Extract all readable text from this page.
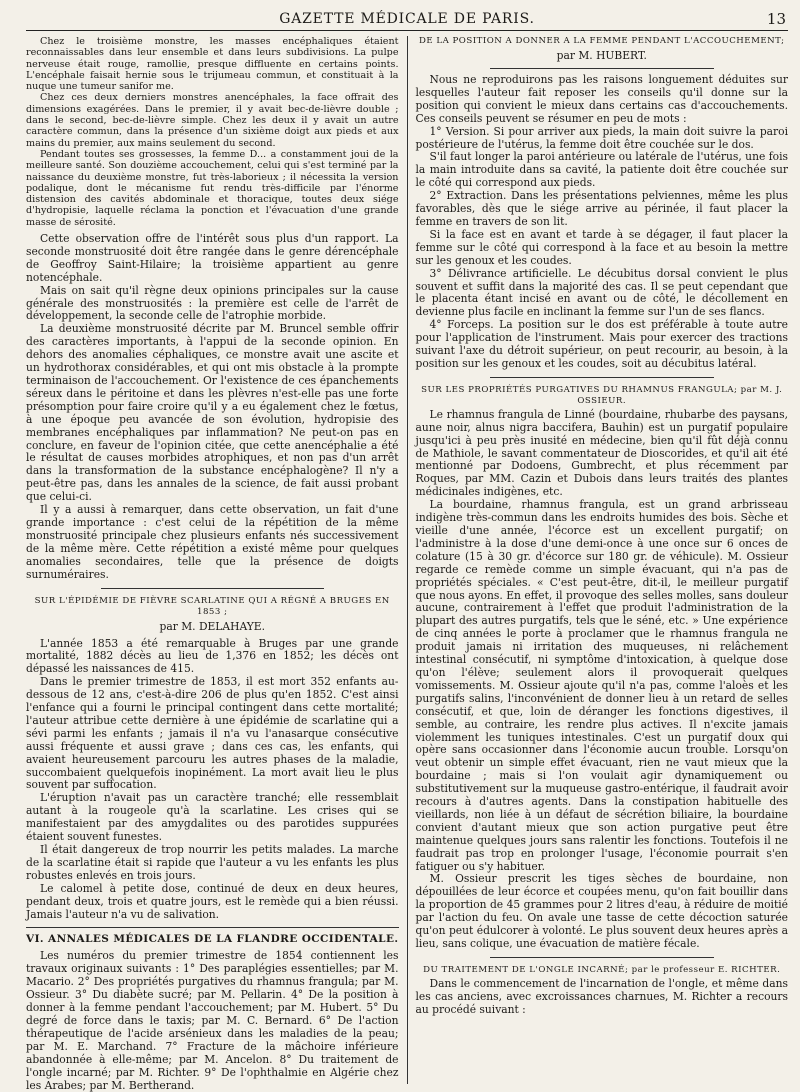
GAZETTE MÉDICALE DE PARIS.	13

Chez le troisième monstre, les masses encéphaliques étaient reconnaissables dans leur ensemble et dans leurs subdivisions. La pulpe nerveuse était rouge, ramollie, presque diffluente en certains points. L'encéphale faisait hernie sous le trijumeau commun, et constituait à la nuque une tumeur sanifor me.

Chez ces deux derniers monstres anencéphales, la face offrait des dimensions exagérées. Dans le premier, il y avait bec-de-lièvre double ; dans le second, bec-de-lièvre simple. Chez les deux il y avait un autre caractère commun, dans la présence d'un sixième doigt aux pieds et aux mains du premier, aux mains seulement du second.

Pendant toutes ses grossesses, la femme D... a constamment joui de la meilleure santé. Son douzième accouchement, celui qui s'est terminé par la naissance du deuxième monstre, fut très-laborieux ; il nécessita la version podalique, dont le mécanisme fut rendu très-difficile par l'énorme distension des cavités abdominale et thoracique, toutes deux siége d'hydropisie, laquelle réclama la ponction et l'évacuation d'une grande masse de sérosité.

Cette observation offre de l'intérêt sous plus d'un rapport. La seconde monstruosité doit être rangée dans le genre dérencéphale de Geoffroy Saint-Hilaire; la troisième appartient au genre notencéphale.

Mais on sait qu'il règne deux opinions principales sur la cause générale des monstruosités : la première est celle de l'arrêt de développement, la seconde celle de l'atrophie morbide.

La deuxième monstruosité décrite par M. Bruncel semble offrir des caractères importants, à l'appui de la seconde opinion. En dehors des anomalies céphaliques, ce monstre avait une ascite et un hydrothorax considérables, et qui ont mis obstacle à la prompte terminaison de l'accouchement. Or l'existence de ces épanchements séreux dans le péritoine et dans les plèvres n'est-elle pas une forte présomption pour faire croire qu'il y a eu également chez le fœtus, à une époque peu avancée de son évolution, hydropisie des membranes encéphaliques par inflammation? Ne peut-on pas en conclure, en faveur de l'opinion citée, que cette anencéphalie a été le résultat de causes morbides atrophiques, et non pas d'un arrêt dans la transformation de la substance encéphalogène? Il n'y a peut-être pas, dans les annales de la science, de fait aussi probant que celui-ci.

Il y a aussi à remarquer, dans cette observation, un fait d'une grande importance : c'est celui de la répétition de la même monstruosité principale chez plusieurs enfants nés successivement de la même mère. Cette répétition a existé même pour quelques anomalies secondaires, telle que la présence de doigts surnuméraires.

SUR L'ÉPIDÉMIE DE FIÈVRE SCARLATINE QUI A RÉGNÉ A BRUGES EN 1853 ;
par M. DELAHAYE.

L'année 1853 a été remarquable à Bruges par une grande mortalité, 1882 décès au lieu de 1,376 en 1852; les décès ont dépassé les naissances de 415.

Dans le premier trimestre de 1853, il est mort 352 enfants au-dessous de 12 ans, c'est-à-dire 206 de plus qu'en 1852. C'est ainsi l'enfance qui a fourni le principal contingent dans cette mortalité; l'auteur attribue cette dernière à une épidémie de scarlatine qui a sévi parmi les enfants ; jamais il n'a vu l'anasarque consécutive aussi fréquente et aussi grave ; dans ces cas, les enfants, qui avaient heureusement parcouru les autres phases de la maladie, succombaient quelquefois inopinément. La mort avait lieu le plus souvent par suffocation.

L'éruption n'avait pas un caractère tranché; elle ressemblait autant à la rougeole qu'à la scarlatine. Les crises qui se manifestaient par des amygdalites ou des parotides suppurées étaient souvent funestes.

Il était dangereux de trop nourrir les petits malades. La marche de la scarlatine était si rapide que l'auteur a vu les enfants les plus robustes enlevés en trois jours.

Le calomel à petite dose, continué de deux en deux heures, pendant deux, trois et quatre jours, est le remède qui a bien réussi. Jamais l'auteur n'a vu de salivation.

VI. ANNALES MÉDICALES DE LA FLANDRE OCCIDENTALE.

Les numéros du premier trimestre de 1854 contiennent les travaux originaux suivants : 1° Des paraplégies essentielles; par M. Macario. 2° Des propriétés purgatives du rhamnus frangula; par M. Ossieur. 3° Du diabète sucré; par M. Pellarin. 4° De la position à donner à la femme pendant l'accouchement; par M. Hubert. 5° Du degré de force dans le taxis; par M. C. Bernard. 6° De l'action thérapeutique de l'acide arsénieux dans les maladies de la peau; par M. E. Marchand. 7° Fracture de la mâchoire inférieure abandonnée à elle-même; par M. Ancelon. 8° Du traitement de l'ongle incarné; par M. Richter. 9° De l'ophthalmie en Algérie chez les Arabes; par M. Bertherand.

DE LA POSITION A DONNER A LA FEMME PENDANT L'ACCOUCHEMENT;
par M. HUBERT.

Nous ne reproduirons pas les raisons longuement déduites sur lesquelles l'auteur fait reposer les conseils qu'il donne sur la position qui convient le mieux dans certains cas d'accouchements. Ces conseils peuvent se résumer en peu de mots :

1° Version. Si pour arriver aux pieds, la main doit suivre la paroi postérieure de l'utérus, la femme doit être couchée sur le dos.

S'il faut longer la paroi antérieure ou latérale de l'utérus, une fois la main introduite dans sa cavité, la patiente doit être couchée sur le côté qui correspond aux pieds.

2° Extraction. Dans les présentations pelviennes, même les plus favorables, dès que le siége arrive au périnée, il faut placer la femme en travers de son lit.

Si la face est en avant et tarde à se dégager, il faut placer la femme sur le côté qui correspond à la face et au besoin la mettre sur les genoux et les coudes.

3° Délivrance artificielle. Le décubitus dorsal convient le plus souvent et suffit dans la majorité des cas. Il se peut cependant que le placenta étant incisé en avant ou de côté, le décollement en devienne plus facile en inclinant la femme sur l'un de ses flancs.

4° Forceps. La position sur le dos est préférable à toute autre pour l'application de l'instrument. Mais pour exercer des tractions suivant l'axe du détroit supérieur, on peut recourir, au besoin, à la position sur les genoux et les coudes, soit au décubitus latéral.

SUR LES PROPRIÉTÉS PURGATIVES DU RHAMNUS FRANGULA; par M. J. OSSIEUR.

Le rhamnus frangula de Linné (bourdaine, rhubarbe des paysans, aune noir, alnus nigra baccifera, Bauhin) est un purgatif populaire jusqu'ici à peu près inusité en médecine, bien qu'il fût déjà connu de Mathiole, le savant commentateur de Dioscorides, et qu'il ait été mentionné par Dodoens, Gumbrecht, et plus récemment par Roques, par MM. Cazin et Dubois dans leurs traités des plantes médicinales indigènes, etc.

La bourdaine, rhamnus frangula, est un grand arbrisseau indigène très-commun dans les endroits humides des bois. Sèche et vieille d'une année, l'écorce est un excellent purgatif; on l'administre à la dose d'une demi-once à une once sur 6 onces de colature (15 à 30 gr. d'écorce sur 180 gr. de véhicule). M. Ossieur regarde ce remède comme un simple évacuant, qui n'a pas de propriétés spéciales. « C'est peut-être, dit-il, le meilleur purgatif que nous ayons. En effet, il provoque des selles molles, sans douleur aucune, contrairement à l'effet que produit l'administration de la plupart des autres purgatifs, tels que le séné, etc. » Une expérience de cinq années le porte à proclamer que le rhamnus frangula ne produit jamais ni irritation des muqueuses, ni relâchement intestinal consécutif, ni symptôme d'intoxication, à quelque dose qu'on l'élève; seulement alors il provoquerait quelques vomissements. M. Ossieur ajoute qu'il n'a pas, comme l'aloès et les purgatifs salins, l'inconvénient de donner lieu à un retard de selles consécutif, et que, loin de déranger les fonctions digestives, il semble, au contraire, les rendre plus actives. Il n'excite jamais violemment les tuniques intestinales. C'est un purgatif doux qui opère sans occasionner dans l'économie aucun trouble. Lorsqu'on veut obtenir un simple effet évacuant, rien ne vaut mieux que la bourdaine ; mais si l'on voulait agir dynamiquement ou substitutivement sur la muqueuse gastro-entérique, il faudrait avoir recours à d'autres agents. Dans la constipation habituelle des vieillards, non liée à un défaut de sécrétion biliaire, la bourdaine convient d'autant mieux que son action purgative peut être maintenue quelques jours sans ralentir les fonctions. Toutefois il ne faudrait pas trop en prolonger l'usage, l'économie pourrait s'en fatiguer ou s'y habituer.

M. Ossieur prescrit les tiges sèches de bourdaine, non dépouillées de leur écorce et coupées menu, qu'on fait bouillir dans la proportion de 45 grammes pour 2 litres d'eau, à réduire de moitié par l'action du feu. On avale une tasse de cette décoction saturée qu'on peut édulcorer à volonté. Le plus souvent deux heures après a lieu, sans colique, une évacuation de matière fécale.

DU TRAITEMENT DE L'ONGLE INCARNÉ; par le professeur E. RICHTER.

Dans le commencement de l'incarnation de l'ongle, et même dans les cas anciens, avec excroissances charnues, M. Richter a recours au procédé suivant :
